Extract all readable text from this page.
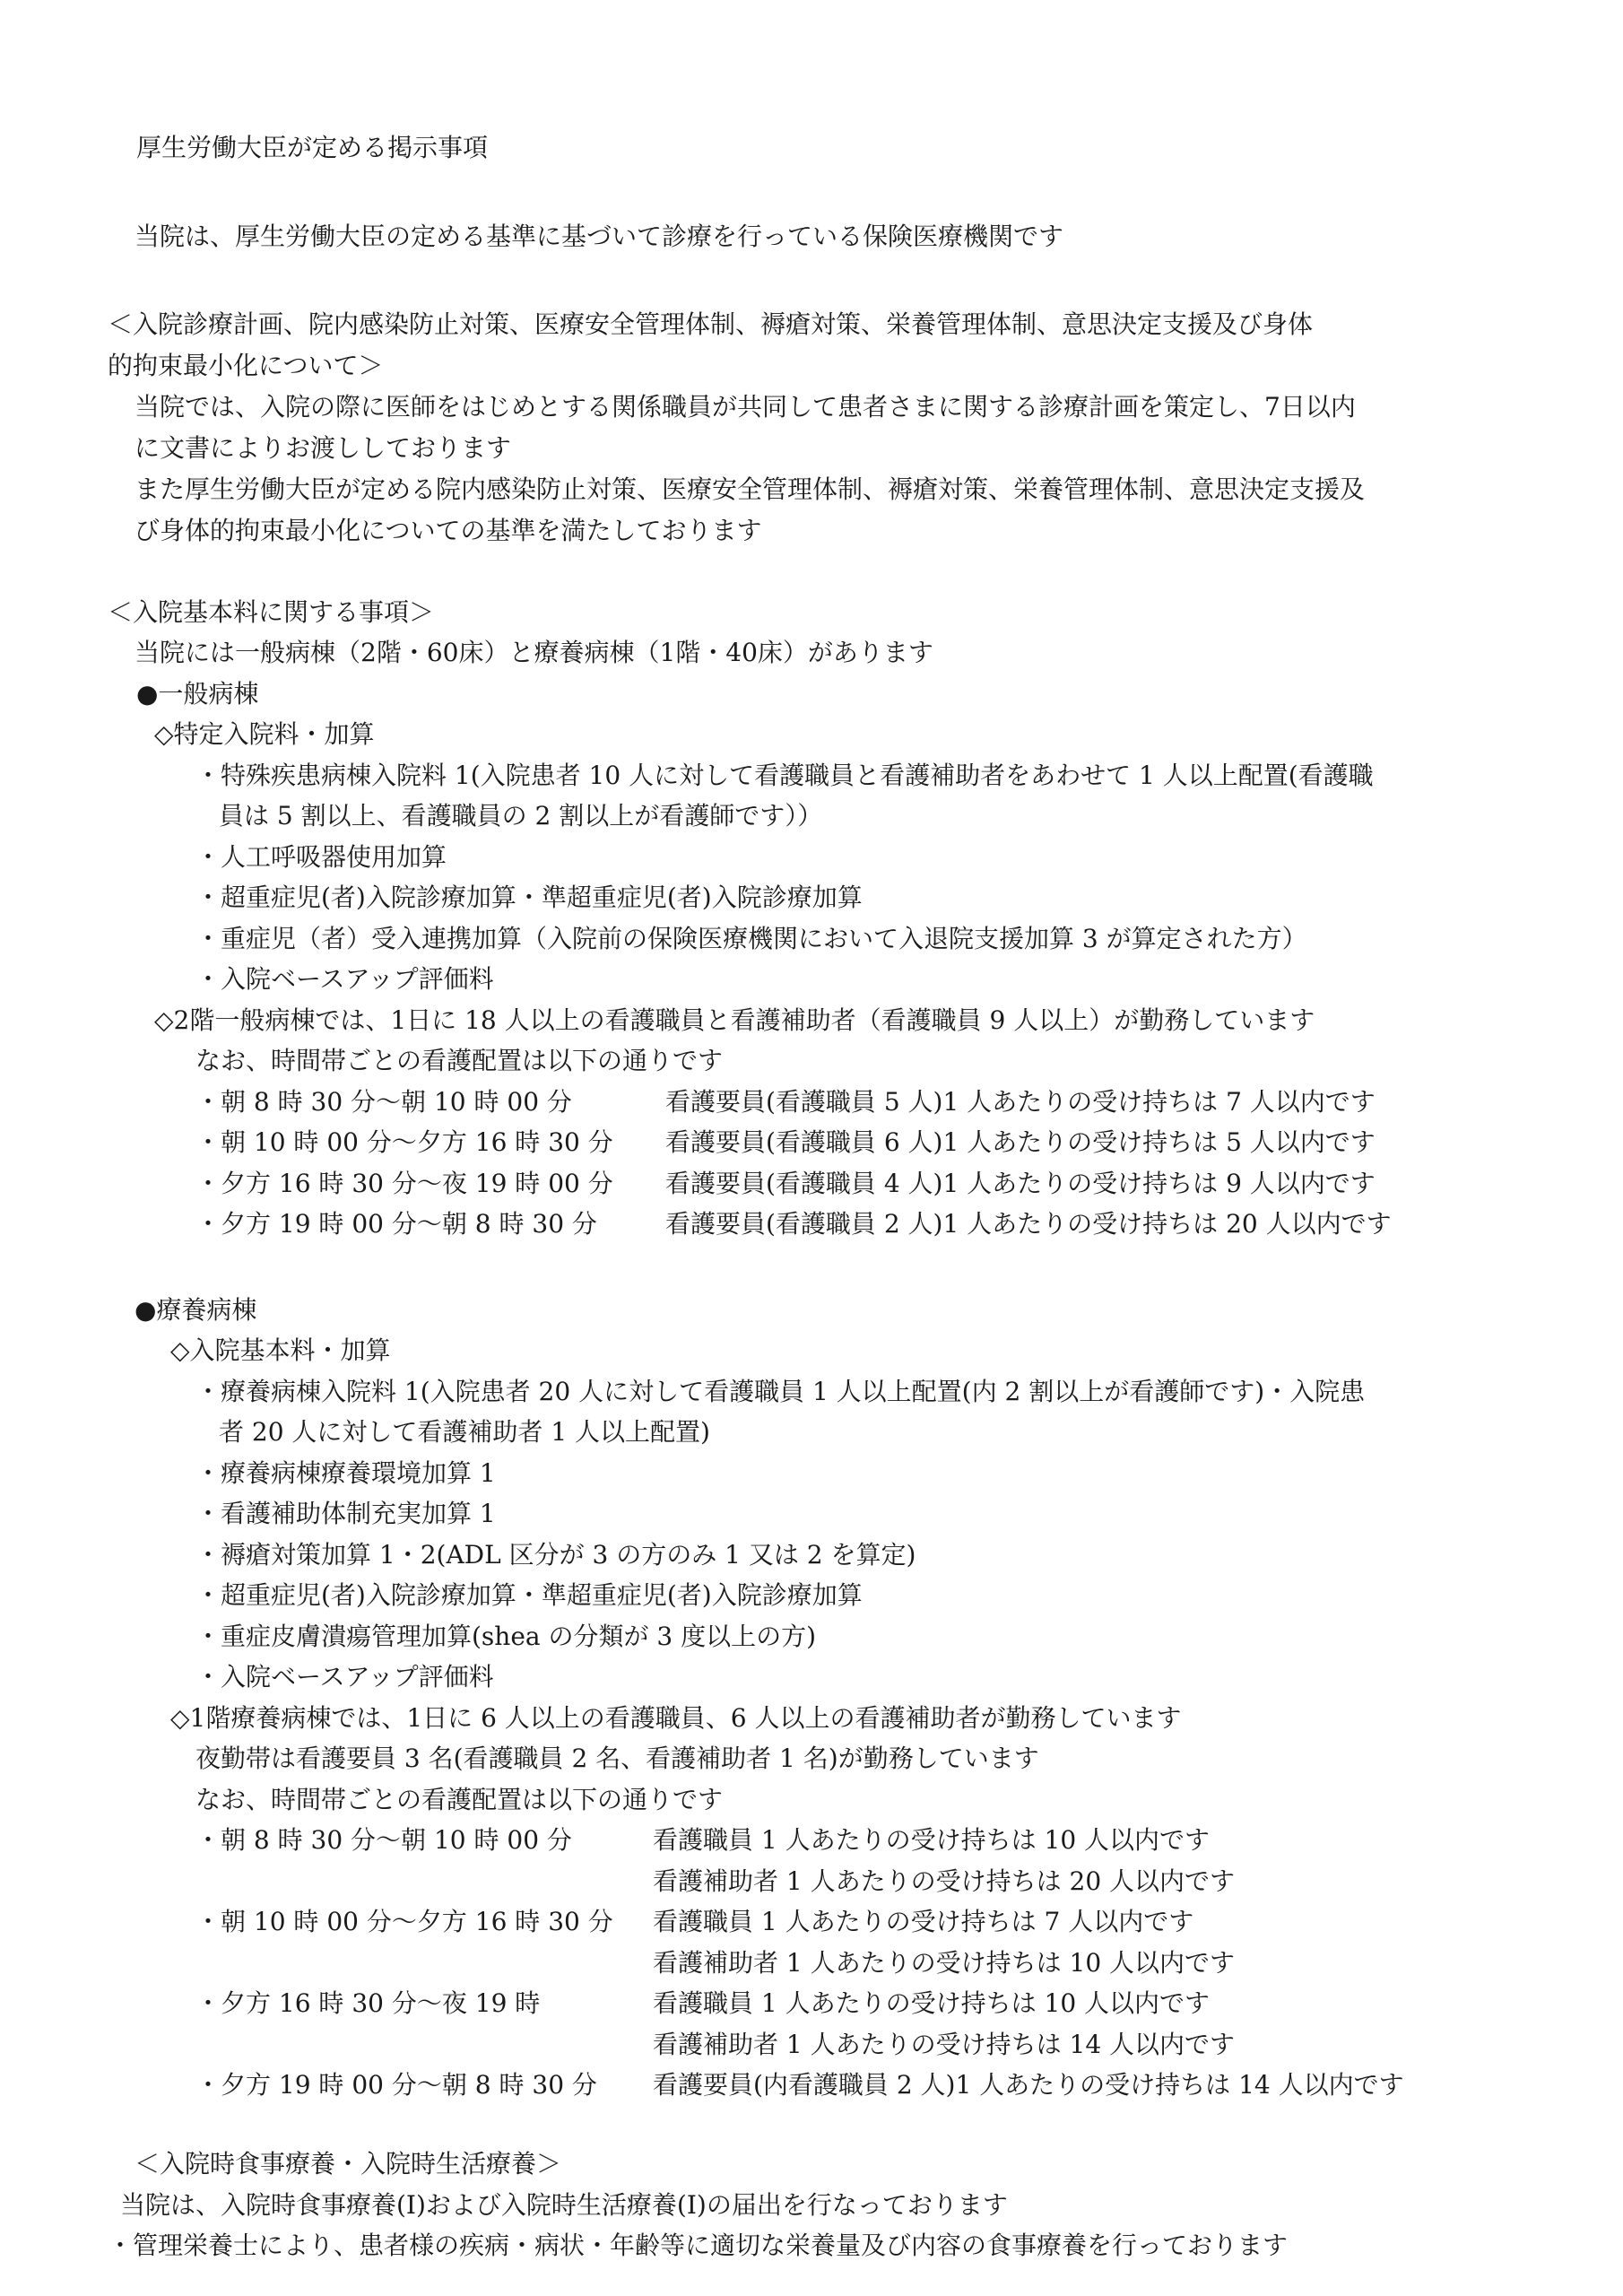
厚生労働大臣が定める掲示事項
当院は、厚生労働大臣の定める基準に基づいて診療を行っている保険医療機関です
＜入院診療計画、院内感染防止対策、医療安全管理体制、褥瘡対策、栄養管理体制、意思決定支援及び身体
的拘束最小化について＞
当院では、入院の際に医師をはじめとする関係職員が共同して患者さまに関する診療計画を策定し、7日以内
に文書によりお渡ししております
また厚生労働大臣が定める院内感染防止対策、医療安全管理体制、褥瘡対策、栄養管理体制、意思決定支援及
び身体的拘束最小化についての基準を満たしております
＜入院基本料に関する事項＞
当院には一般病棟（2階・60床）と療養病棟（1階・40床）があります
●一般病棟
◇特定入院料・加算
・特殊疾患病棟入院料 1(入院患者 10 人に対して看護職員と看護補助者をあわせて 1 人以上配置(看護職
員は 5 割以上、看護職員の 2 割以上が看護師です））
・人工呼吸器使用加算
・超重症児(者)入院診療加算・準超重症児(者)入院診療加算
・重症児（者）受入連携加算（入院前の保険医療機関において入退院支援加算 3 が算定された方）
・入院ベースアップ評価料
◇2階一般病棟では、1日に 18 人以上の看護職員と看護補助者（看護職員 9 人以上）が勤務しています
なお、時間帯ごとの看護配置は以下の通りです
・朝 8 時 30 分～朝 10 時 00 分	看護要員(看護職員 5 人)1 人あたりの受け持ちは 7 人以内です
・朝 10 時 00 分～夕方 16 時 30 分 看護要員(看護職員 6 人)1 人あたりの受け持ちは 5 人以内です
・夕方 16 時 30 分～夜 19 時 00 分 看護要員(看護職員 4 人)1 人あたりの受け持ちは 9 人以内です
・夕方 19 時 00 分～朝 8 時 30 分	看護要員(看護職員 2 人)1 人あたりの受け持ちは 20 人以内です
●療養病棟
◇入院基本料・加算
・療養病棟入院料 1(入院患者 20 人に対して看護職員 1 人以上配置(内 2 割以上が看護師です)・入院患
者 20 人に対して看護補助者 1 人以上配置)
・療養病棟療養環境加算 1
・看護補助体制充実加算 1
・褥瘡対策加算 1・2(ADL 区分が 3 の方のみ 1 又は 2 を算定)
・超重症児(者)入院診療加算・準超重症児(者)入院診療加算
・重症皮膚潰瘍管理加算(shea の分類が 3 度以上の方)
・入院ベースアップ評価料
◇1階療養病棟では、1日に 6 人以上の看護職員、6 人以上の看護補助者が勤務しています
夜勤帯は看護要員 3 名(看護職員 2 名、看護補助者 1 名)が勤務しています
なお、時間帯ごとの看護配置は以下の通りです
・朝 8 時 30 分～朝 10 時 00 分	看護職員 1 人あたりの受け持ちは 10 人以内です
看護補助者 1 人あたりの受け持ちは 20 人以内です
・朝 10 時 00 分～夕方 16 時 30 分 看護職員 1 人あたりの受け持ちは 7 人以内です
看護補助者 1 人あたりの受け持ちは 10 人以内です
・夕方 16 時 30 分～夜 19 時	看護職員 1 人あたりの受け持ちは 10 人以内です
看護補助者 1 人あたりの受け持ちは 14 人以内です
・夕方 19 時 00 分～朝 8 時 30 分 看護要員(内看護職員 2 人)1 人あたりの受け持ちは 14 人以内です
＜入院時食事療養・入院時生活療養＞
当院は、入院時食事療養(Ⅰ)および入院時生活療養(Ⅰ)の届出を行なっております
・管理栄養士により、患者様の疾病・病状・年齢等に適切な栄養量及び内容の食事療養を行っております
